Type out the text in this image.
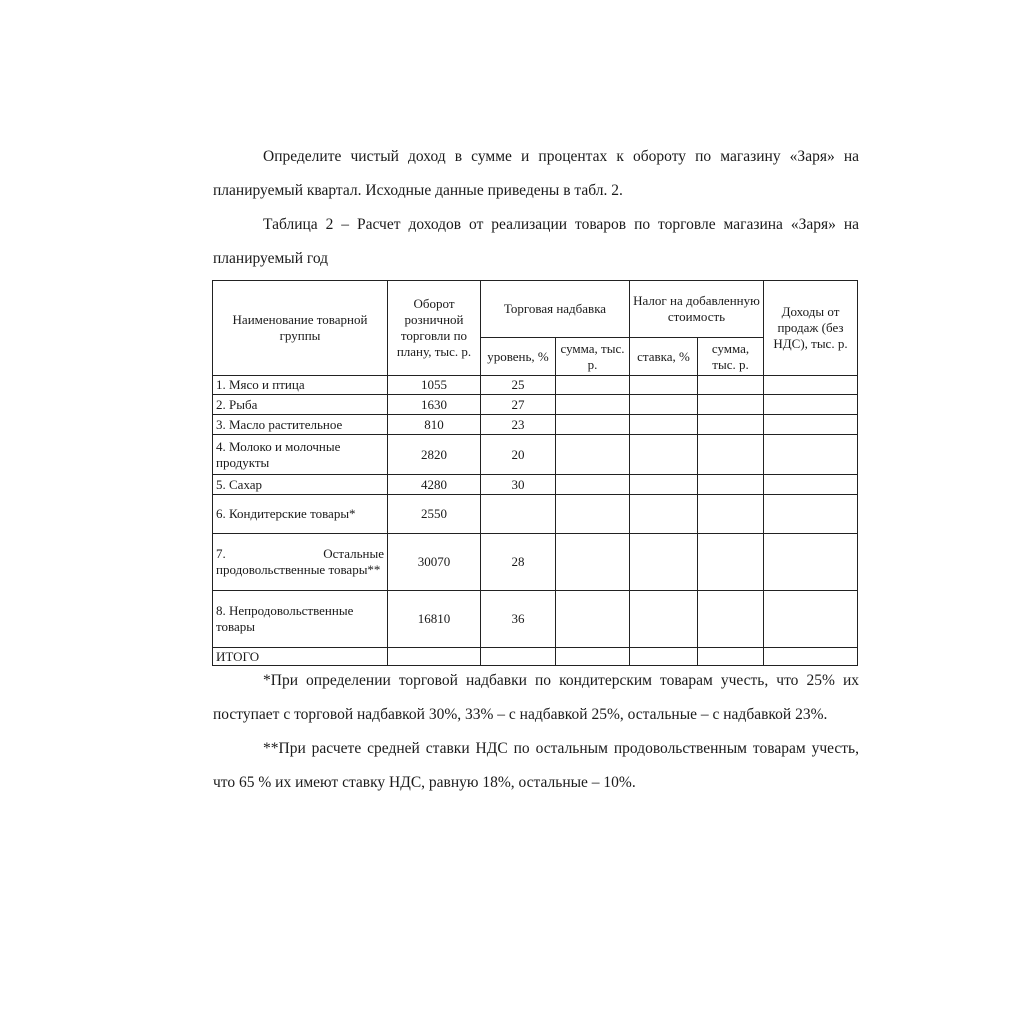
Определите чистый доход в сумме и процентах к обороту по магазину «Заря» на планируемый квартал. Исходные данные приведены в табл. 2.

Таблица 2 – Расчет доходов от реализации товаров по торговле магазина «Заря» на планируемый год

Наименование товарной группы	Оборот розничной торговли по плану, тыс. р.	Торговая надбавка		Налог на добавленную стоимость		Доходы от продаж (без НДС), тыс. р.
		уровень, %	сумма, тыс. р.	ставка, %	сумма, тыс. р.	
1. Мясо и птица	1055	25				
2. Рыба	1630	27				
3. Масло растительное	810	23				
4. Молоко и молочные продукты	2820	20				
5. Сахар	4280	30				
6. Кондитерские товары*	2550					
7. Остальные продовольственные товары**	30070	28				
8. Непродовольственные товары	16810	36				
ИТОГО						

*При определении торговой надбавки по кондитерским товарам учесть, что 25% их поступает с торговой надбавкой 30%, 33% – с надбавкой 25%, остальные – с надбавкой 23%.

**При расчете средней ставки НДС по остальным продовольственным товарам учесть, что 65 % их имеют ставку НДС, равную 18%, остальные – 10%.
